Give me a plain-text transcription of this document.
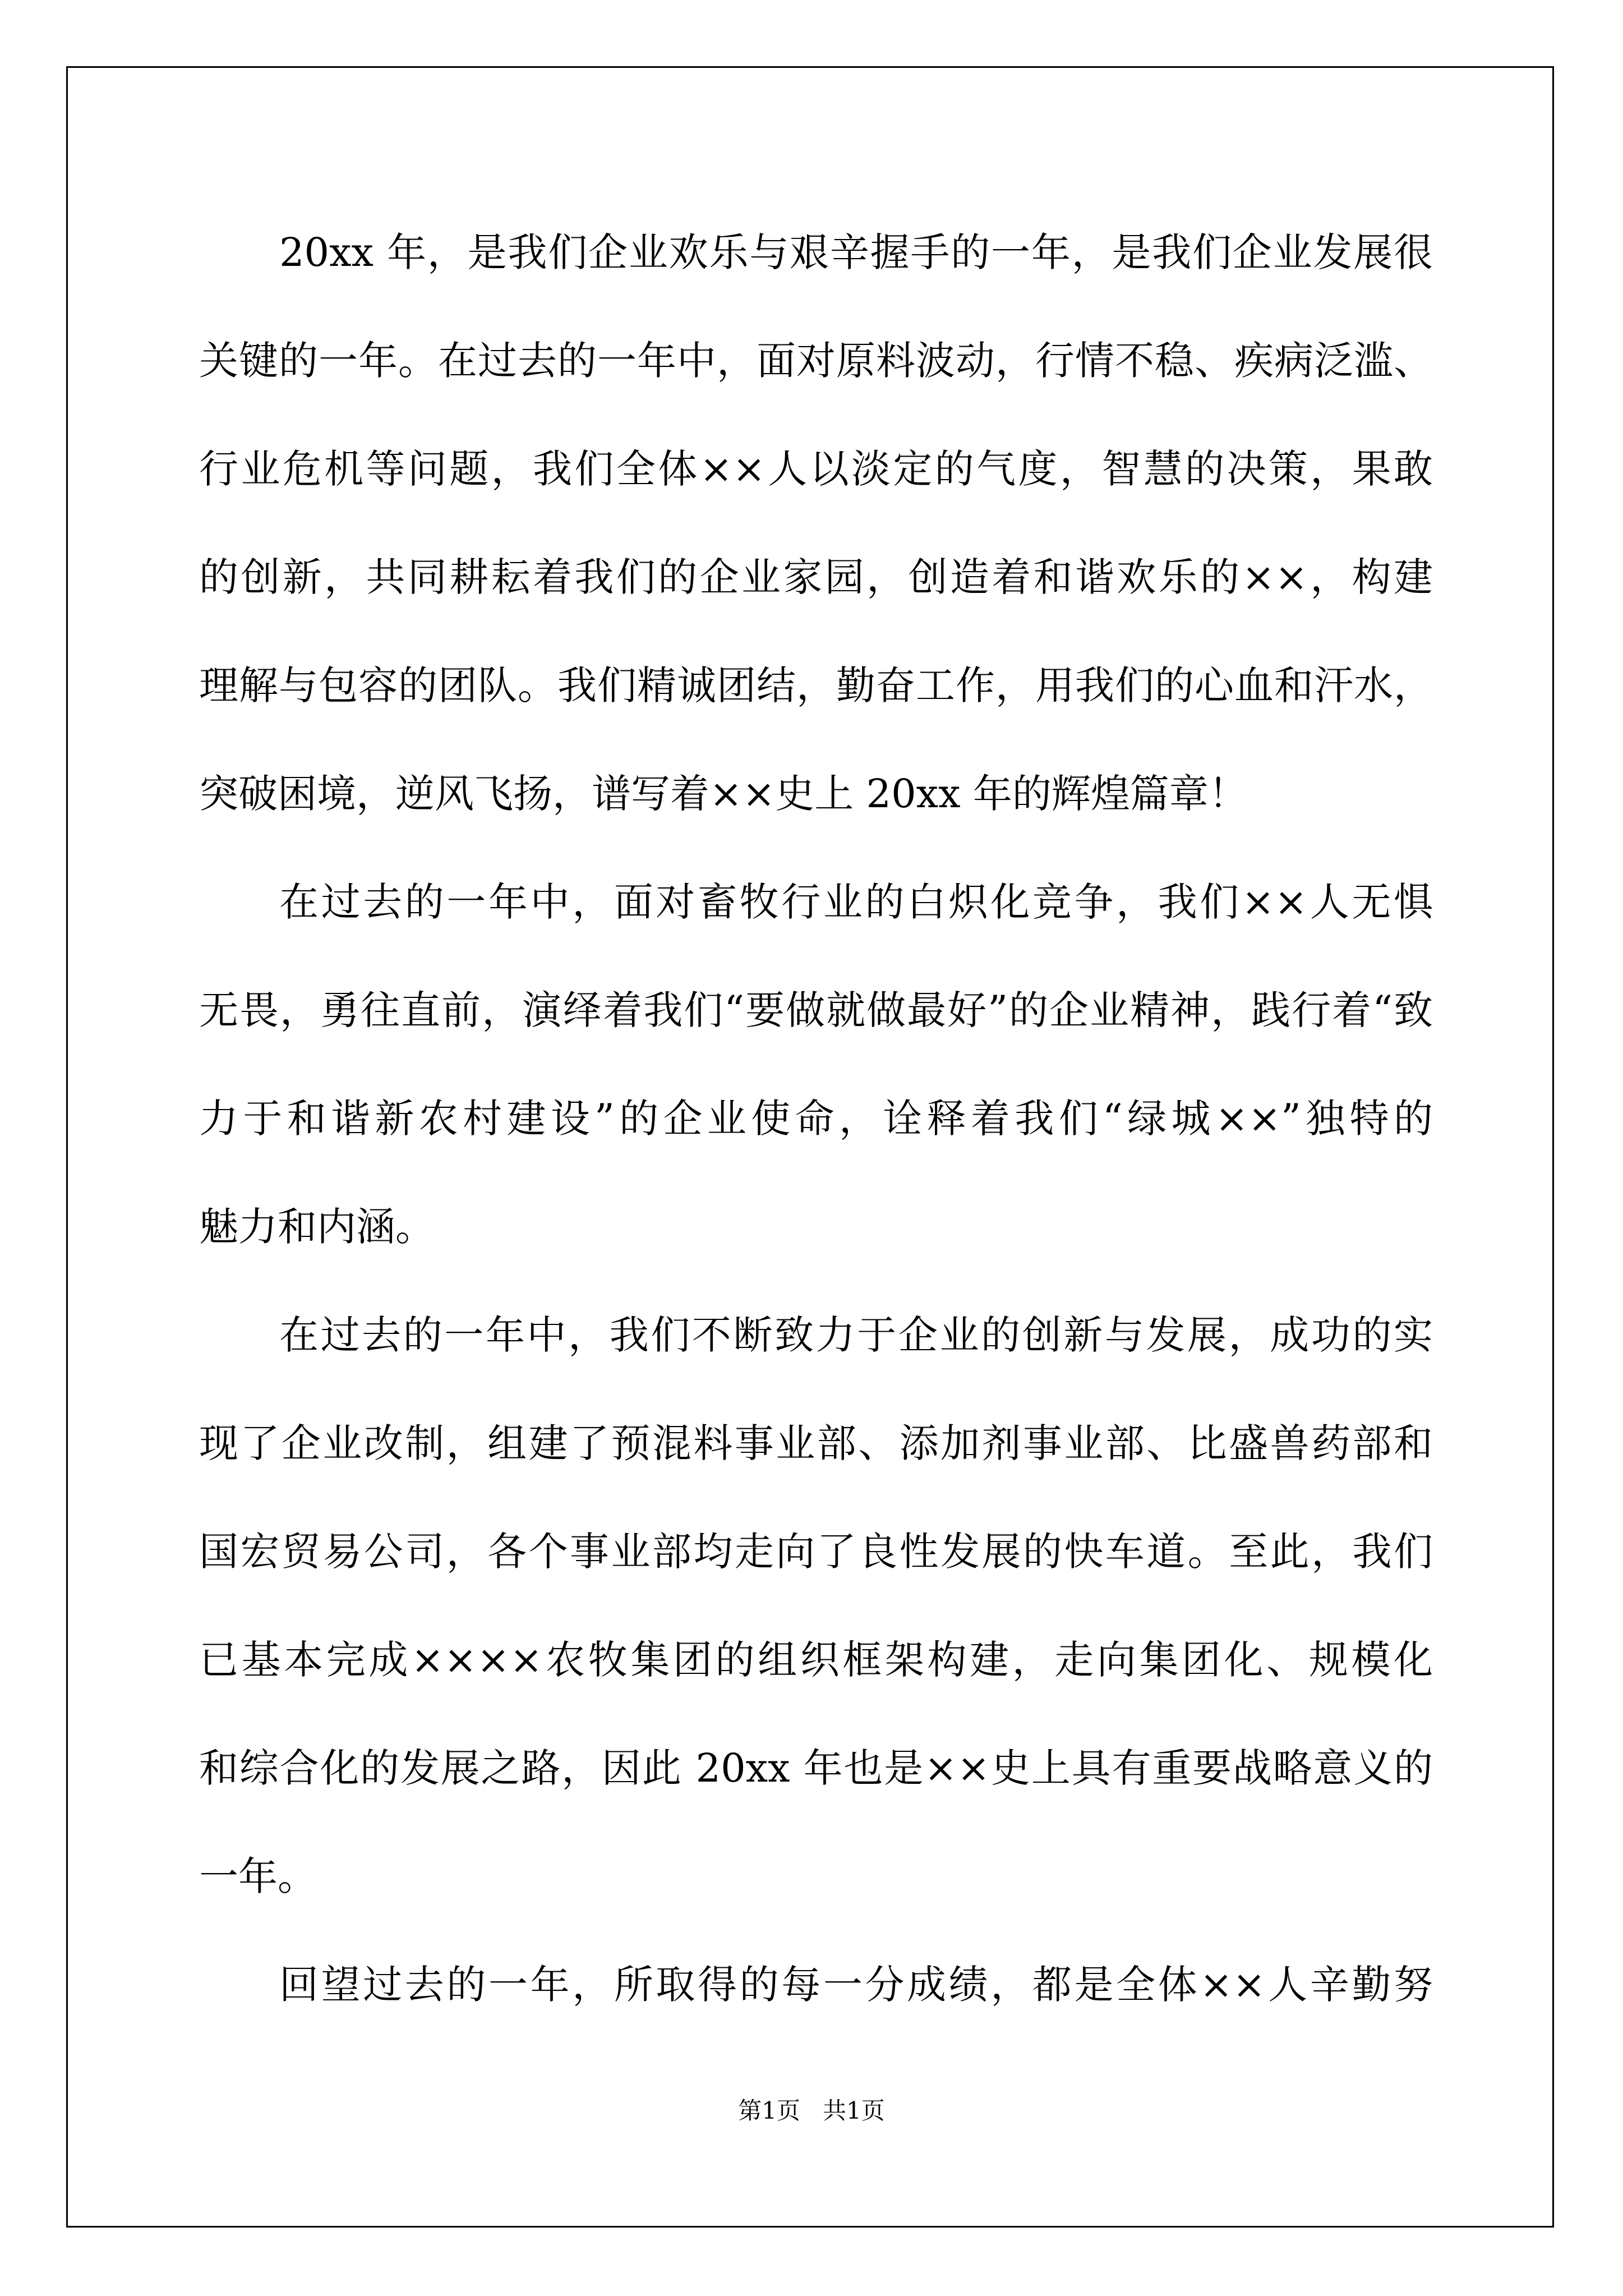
20xx 年，是我们企业欢乐与艰辛握手的一年，是我们企业发展很
关键的一年。在过去的一年中，面对原料波动，行情不稳、疾病泛滥、
行业危机等问题，我们全体××人以淡定的气度，智慧的决策，果敢
的创新，共同耕耘着我们的企业家园，创造着和谐欢乐的××，构建
理解与包容的团队。我们精诚团结，勤奋工作，用我们的心血和汗水，
突破困境，逆风飞扬，谱写着××史上 20xx 年的辉煌篇章！
在过去的一年中，面对畜牧行业的白炽化竞争，我们××人无惧
无畏，勇往直前，演绎着我们“要做就做最好”的企业精神，践行着“致
力于和谐新农村建设”的企业使命，诠释着我们“绿城××”独特的
魅力和内涵。
在过去的一年中，我们不断致力于企业的创新与发展，成功的实
现了企业改制，组建了预混料事业部、添加剂事业部、比盛兽药部和
国宏贸易公司，各个事业部均走向了良性发展的快车道。至此，我们
已基本完成××××农牧集团的组织框架构建，走向集团化、规模化
和综合化的发展之路，因此 20xx 年也是××史上具有重要战略意义的
一年。
回望过去的一年，所取得的每一分成绩，都是全体××人辛勤努
第1页   共1页
